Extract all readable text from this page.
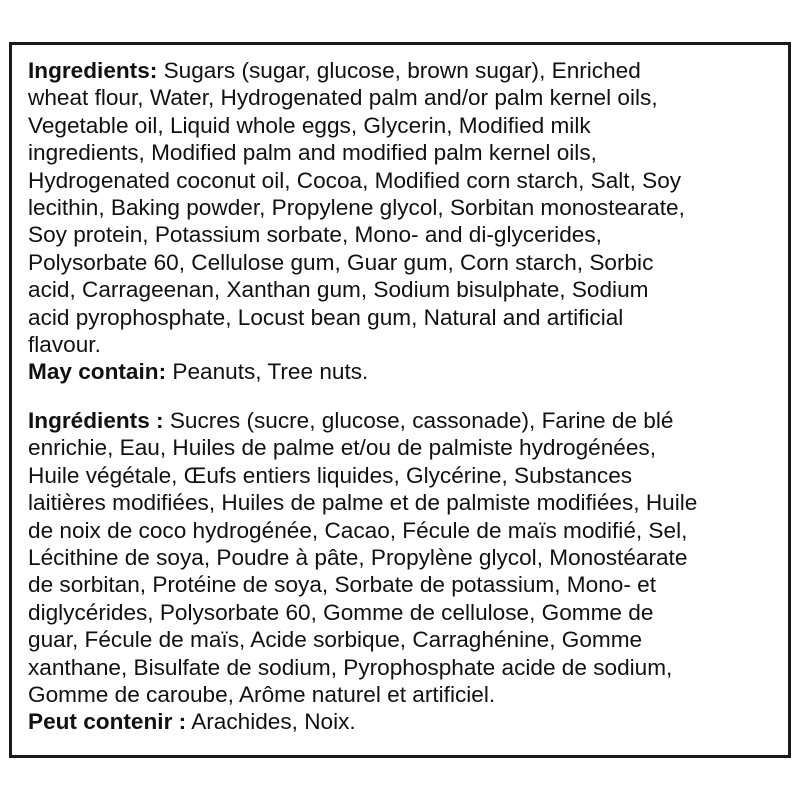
Ingredients: Sugars (sugar, glucose, brown sugar), Enriched
wheat flour, Water, Hydrogenated palm and/or palm kernel oils,
Vegetable oil, Liquid whole eggs, Glycerin, Modified milk
ingredients, Modified palm and modified palm kernel oils,
Hydrogenated coconut oil, Cocoa, Modified corn starch, Salt, Soy
lecithin, Baking powder, Propylene glycol, Sorbitan monostearate,
Soy protein, Potassium sorbate, Mono- and di-glycerides,
Polysorbate 60, Cellulose gum, Guar gum, Corn starch, Sorbic
acid, Carrageenan, Xanthan gum, Sodium bisulphate, Sodium
acid pyrophosphate, Locust bean gum, Natural and artificial
flavour.
May contain: Peanuts, Tree nuts.
Ingrédients : Sucres (sucre, glucose, cassonade), Farine de blé
enrichie, Eau, Huiles de palme et/ou de palmiste hydrogénées,
Huile végétale, Œufs entiers liquides, Glycérine, Substances
laitières modifiées, Huiles de palme et de palmiste modifiées, Huile
de noix de coco hydrogénée, Cacao, Fécule de maïs modifié, Sel,
Lécithine de soya, Poudre à pâte, Propylène glycol, Monostéarate
de sorbitan, Protéine de soya, Sorbate de potassium, Mono- et
diglycérides, Polysorbate 60, Gomme de cellulose, Gomme de
guar, Fécule de maïs, Acide sorbique, Carraghénine, Gomme
xanthane, Bisulfate de sodium, Pyrophosphate acide de sodium,
Gomme de caroube, Arôme naturel et artificiel.
Peut contenir : Arachides, Noix.
